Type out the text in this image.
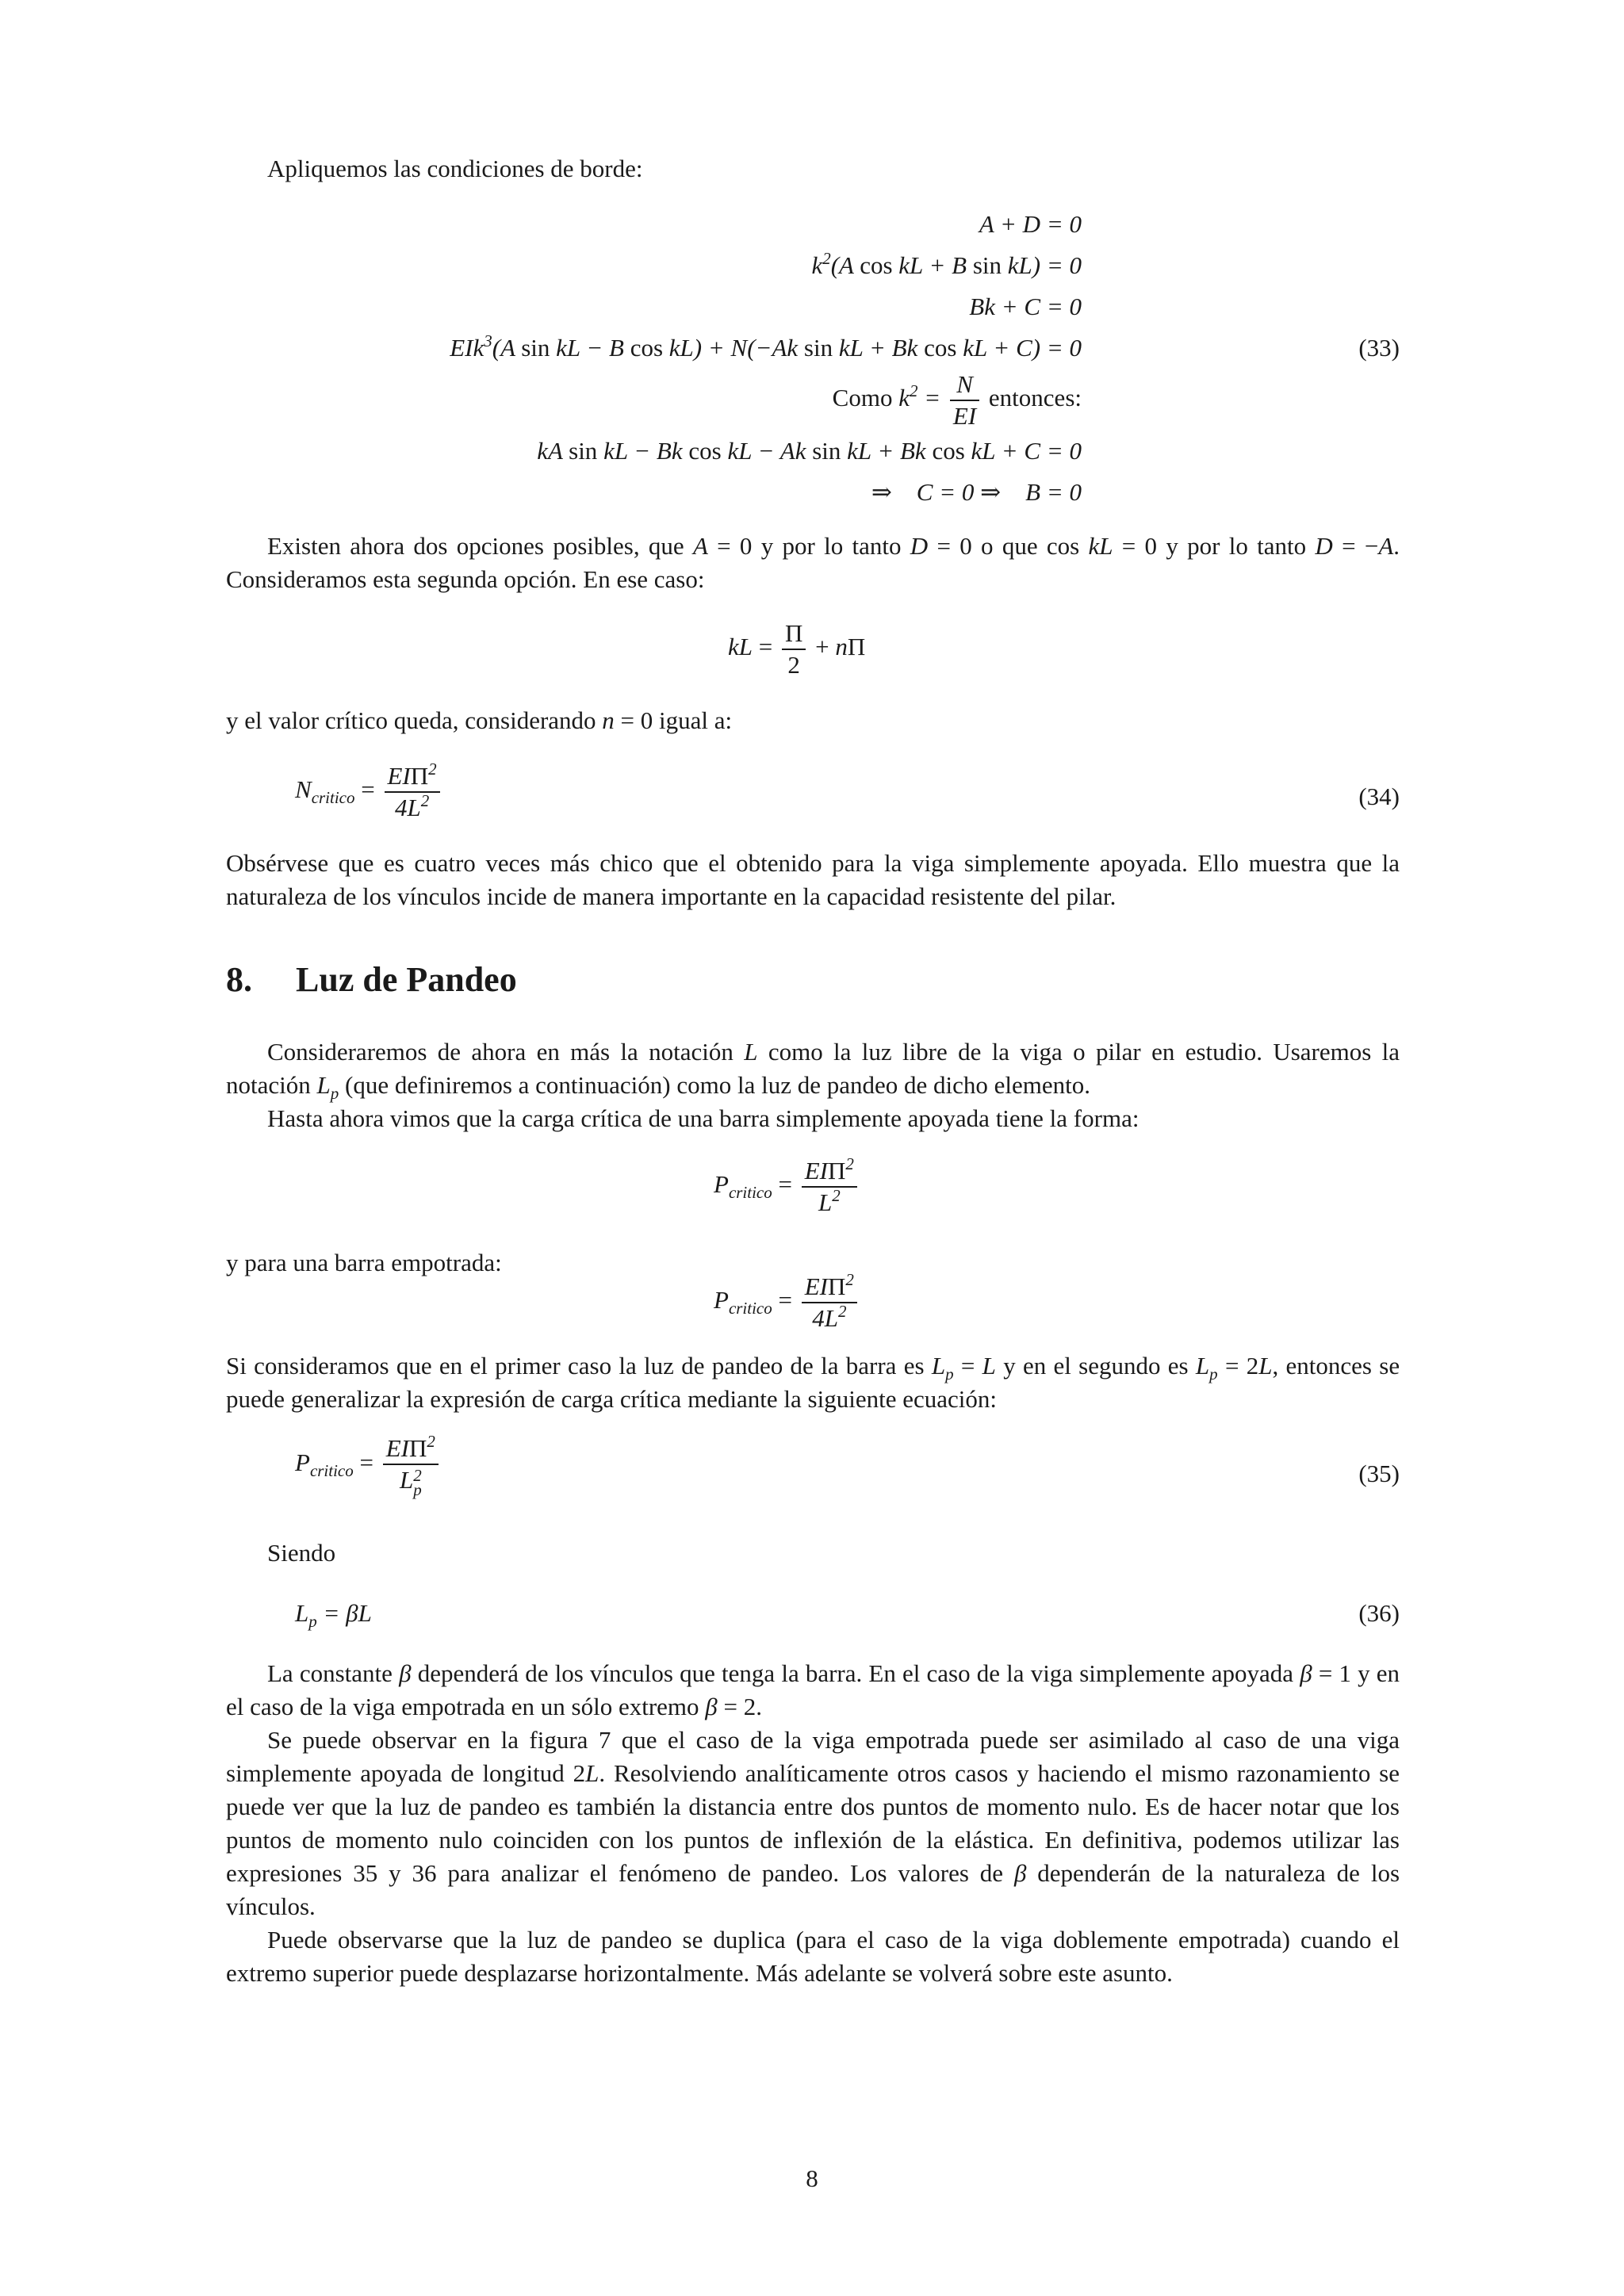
Apliquemos las condiciones de borde:
A + D = 0
$k^2(A$ cos kL + B sin kL) = 0
Bk + C = 0
EIk$^3$(A sin kL − B cos kL) + N(−Ak sin kL + Bk cos kL + C) = 0	(33)
Como $k^2 = \frac{N}{EI}$ entonces:
kA sin kL − Bk cos kL − Ak sin kL + Bk cos kL + C = 0
⇒    C = 0 ⇒    B = 0
Existen ahora dos opciones posibles, que A = 0 y por lo tanto D = 0 o que cos kL = 0 y por lo tanto D = −A. Consideramos esta segunda opción. En ese caso:
kL = $\frac{\Pi}{2} + n\Pi$
y el valor crítico queda, considerando n = 0 igual a:
$N_{critico} = \frac{EI\Pi^2}{4L^2}$	(34)
Obsérvese que es cuatro veces más chico que el obtenido para la viga simplemente apoyada. Ello muestra que la naturaleza de los vínculos incide de manera importante en la capacidad resistente del pilar.
8. Luz de Pandeo
Consideraremos de ahora en más la notación L como la luz libre de la viga o pilar en estudio. Usaremos la notación $L_p$ (que definiremos a continuación) como la luz de pandeo de dicho elemento.
Hasta ahora vimos que la carga crítica de una barra simplemente apoyada tiene la forma:
$P_{critico} = \frac{EI\Pi^2}{L^2}$
y para una barra empotrada:
$P_{critico} = \frac{EI\Pi^2}{4L^2}$
Si consideramos que en el primer caso la luz de pandeo de la barra es $L_p = L$ y en el segundo es $L_p = 2L$, entonces se puede generalizar la expresión de carga crítica mediante la siguiente ecuación:
$P_{critico} = EI\Pi^2$
L 2
p	(35)
Siendo
$L_p = \beta L$	(36)
La constante β dependerá de los vínculos que tenga la barra. En el caso de la viga simplemente apoyada β = 1 y en el caso de la viga empotrada en un sólo extremo β = 2.
Se puede observar en la figura 7 que el caso de la viga empotrada puede ser asimilado al caso de una viga simplemente apoyada de longitud 2L. Resolviendo analíticamente otros casos y haciendo el mismo razonamiento se puede ver que la luz de pandeo es también la distancia entre dos puntos de momento nulo. Es de hacer notar que los puntos de momento nulo coinciden con los puntos de inflexión de la elástica. En definitiva, podemos utilizar las expresiones 35 y 36 para analizar el fenómeno de pandeo. Los valores de β dependerán de la naturaleza de los vínculos.
Puede observarse que la luz de pandeo se duplica (para el caso de la viga doblemente empotrada) cuando el extremo superior puede desplazarse horizontalmente. Más adelante se volverá sobre este asunto.
8
